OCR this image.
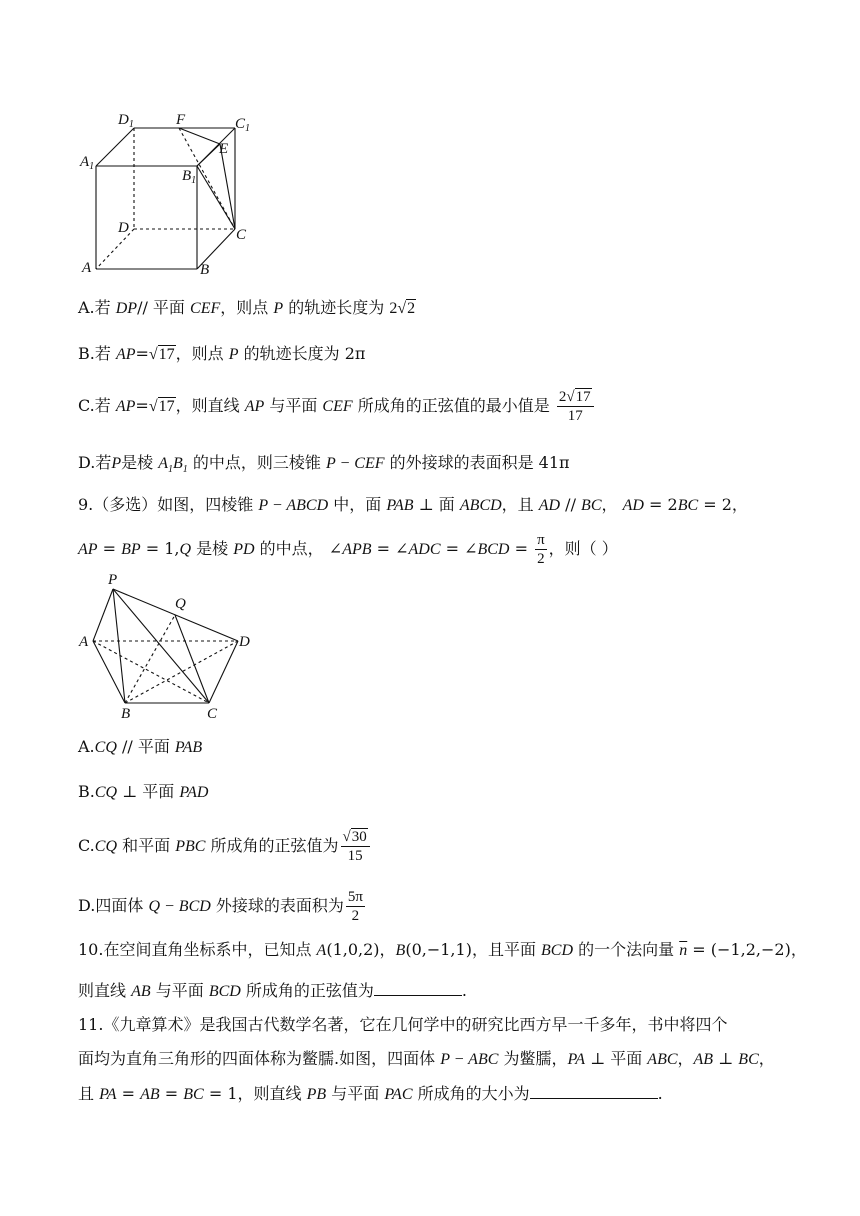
$D_1$	F	$C_1$
$A_1$
E
$B_1$
D	C
A	B
A.若 DP// 平面 CEF，则点 P 的轨迹长度为 2√2
B.若 AP=√17，则点 P 的轨迹长度为 2π
C.若 AP=√17，则直线 AP 与平面 CEF 所成角的正弦值的最小值是 $\frac{2√17}{17}$
D.若P是棱 $A_1B_1$ 的中点，则三棱锥 P − CEF 的外接球的表面积是 41π
9.（多选）如图，四棱锥 P − ABCD 中，面 PAB ⊥ 面 ABCD，且 AD // BC， AD = 2BC = 2，
AP = BP = 1,Q 是棱 PD 的中点， ∠APB = ∠ADC = ∠BCD = $\frac{\pi}{2}$ ，则（ ）
P
Q
A	D
B	C
A.CQ // 平面 PAB
B.CQ ⊥ 平面 PAD
C.CQ 和平面 PBC 所成角的正弦值为 $\frac{√30}{15}$
D.四面体 Q − BCD 外接球的表面积为 $\frac{5\pi}{2}$
10.在空间直角坐标系中，已知点 A(1,0,2)，B(0,−1,1)，且平面 BCD 的一个法向量 $\overline{n} = (-1,2,-2)$，
则直线 AB 与平面 BCD 所成角的正弦值为	.
11.《九章算术》是我国古代数学名著，它在几何学中的研究比西方早一千多年，书中将四个
面均为直角三角形的四面体称为鳖臑.如图，四面体 P − ABC 为鳖臑，PA ⊥ 平面 ABC，AB ⊥ BC，
且 PA = AB = BC = 1，则直线 PB 与平面 PAC 所成角的大小为	.
